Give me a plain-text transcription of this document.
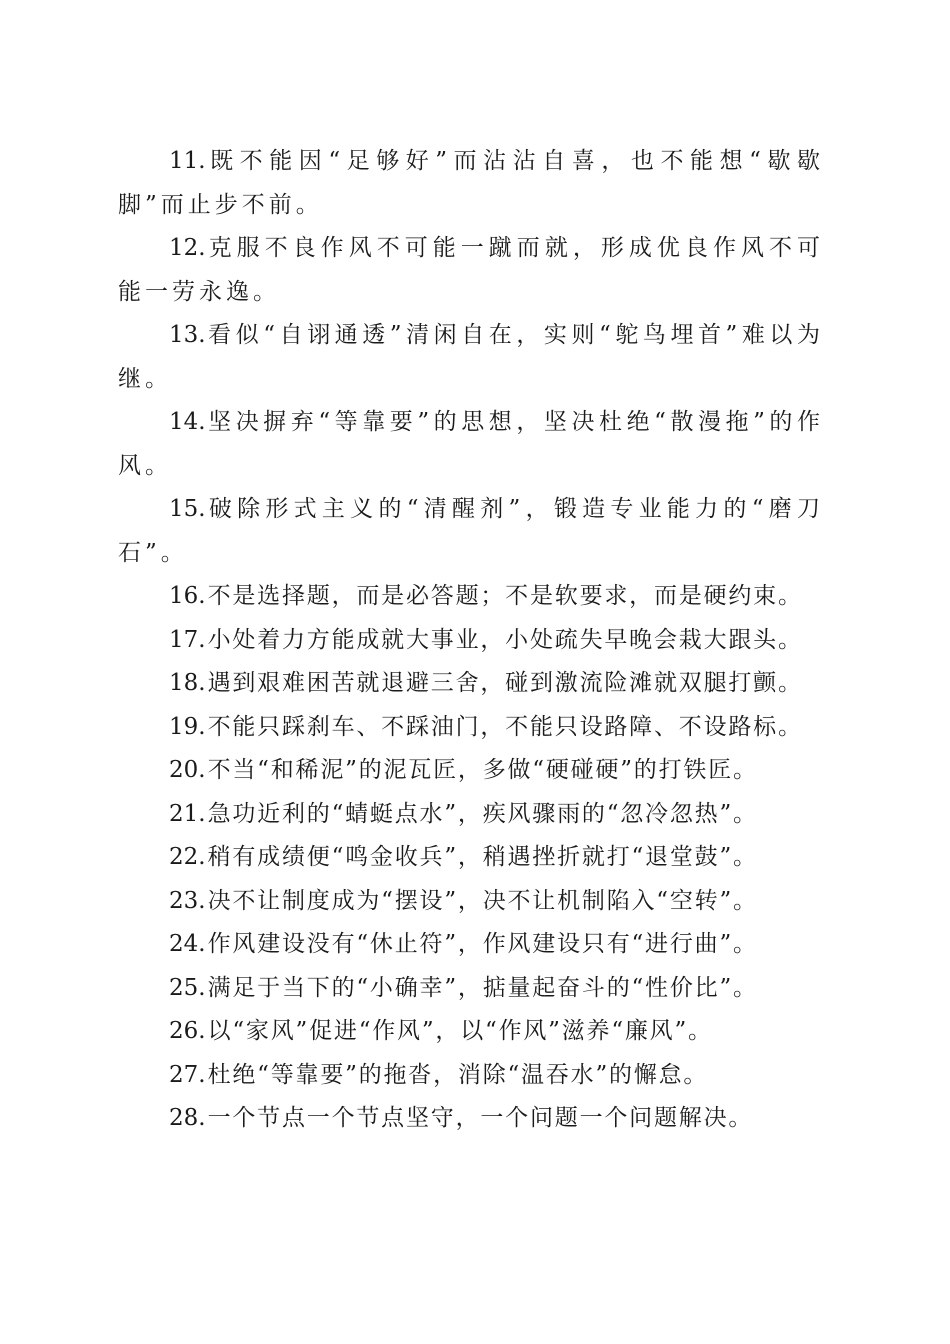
11.既不能因“足够好”而沾沾自喜，也不能想“歇歇脚”而止步不前。

12.克服不良作风不可能一蹴而就，形成优良作风不可能一劳永逸。

13.看似“自诩通透”清闲自在，实则“鸵鸟埋首”难以为继。

14.坚决摒弃“等靠要”的思想，坚决杜绝“散漫拖”的作风。

15.破除形式主义的“清醒剂”，锻造专业能力的“磨刀石”。

16.不是选择题，而是必答题；不是软要求，而是硬约束。

17.小处着力方能成就大事业，小处疏失早晚会栽大跟头。

18.遇到艰难困苦就退避三舍，碰到激流险滩就双腿打颤。

19.不能只踩刹车、不踩油门，不能只设路障、不设路标。

20.不当“和稀泥”的泥瓦匠，多做“硬碰硬”的打铁匠。

21.急功近利的“蜻蜓点水”，疾风骤雨的“忽冷忽热”。

22.稍有成绩便“鸣金收兵”，稍遇挫折就打“退堂鼓”。

23.决不让制度成为“摆设”，决不让机制陷入“空转”。

24.作风建设没有“休止符”，作风建设只有“进行曲”。

25.满足于当下的“小确幸”，掂量起奋斗的“性价比”。

26.以“家风”促进“作风”，以“作风”滋养“廉风”。

27.杜绝“等靠要”的拖沓，消除“温吞水”的懈怠。

28.一个节点一个节点坚守，一个问题一个问题解决。
